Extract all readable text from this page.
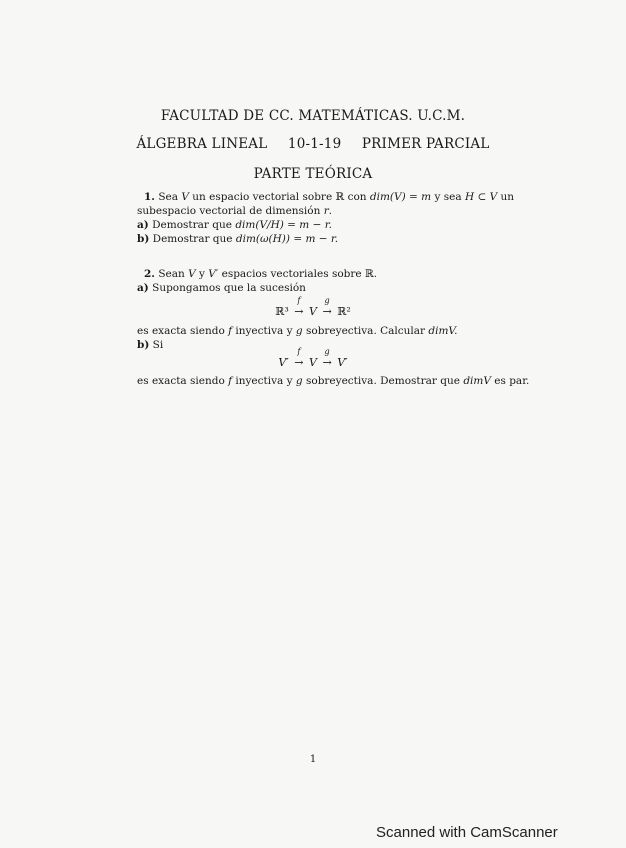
FACULTAD DE CC. MATEMÁTICAS. U.C.M.
ÁLGEBRA LINEAL 10-1-19 PRIMER PARCIAL
PARTE TEÓRICA
1. Sea V un espacio vectorial sobre ℝ con dim(V) = m y sea H ⊂ V un
subespacio vectorial de dimensión r.
a) Demostrar que dim(V/H) = m − r.
b) Demostrar que dim(ω(H)) = m − r.
2. Sean V y V′ espacios vectoriales sobre ℝ.
a) Supongamos que la sucesión
ℝ³ →
f
V →
g
ℝ²
es exacta siendo f inyectiva y g sobreyectiva. Calcular dimV.
b) Si
V′ →
f
V →
g
V′
es exacta siendo f inyectiva y g sobreyectiva. Demostrar que dimV es par.
1
Scanned with CamScanner
